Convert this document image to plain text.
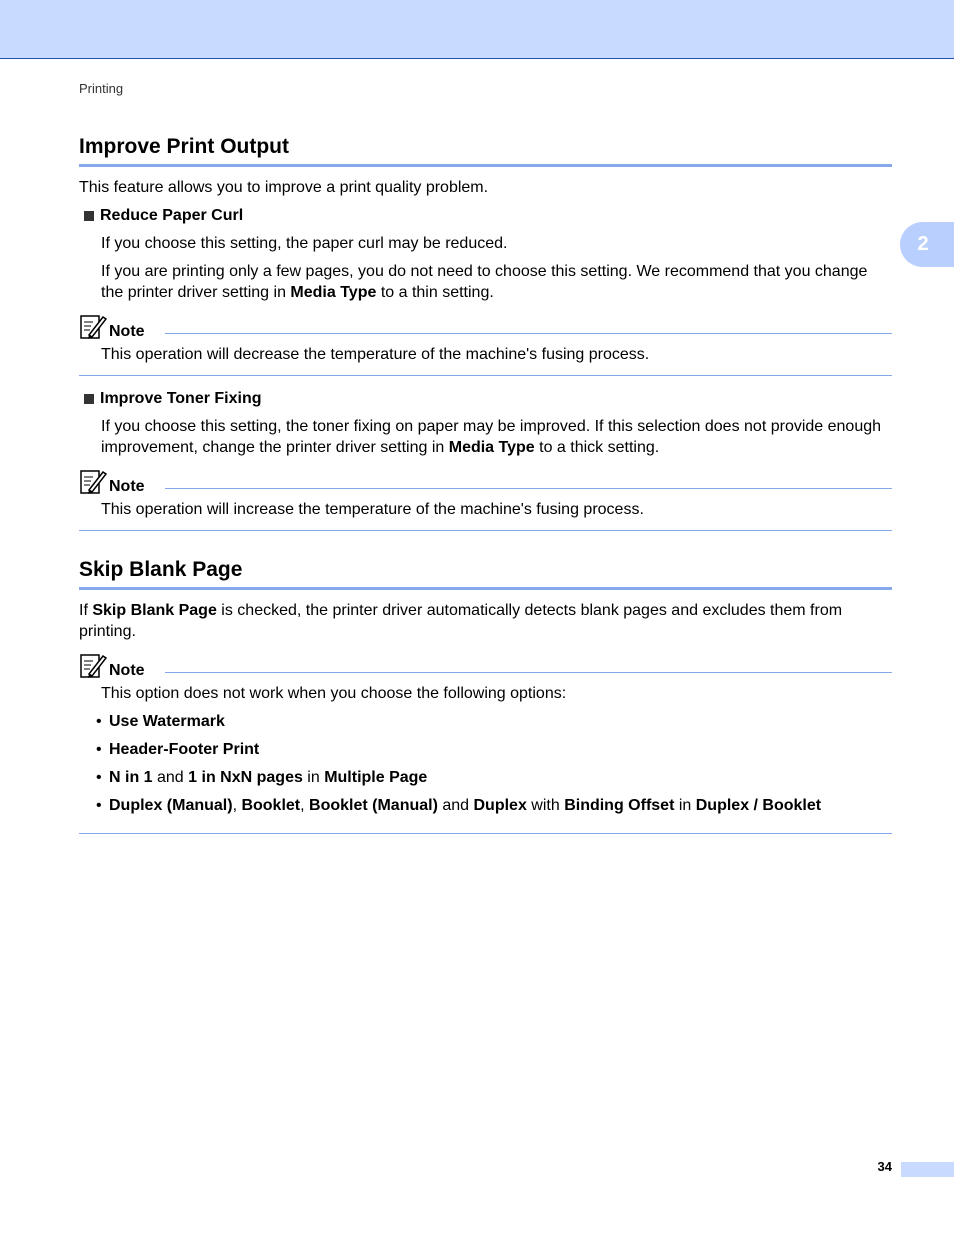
Printing
2
Improve Print Output

This feature allows you to improve a print quality problem.

Reduce Paper Curl

If you choose this setting, the paper curl may be reduced.

If you are printing only a few pages, you do not need to choose this setting. We recommend that you change the printer driver setting in Media Type to a thin setting.

Note

This operation will decrease the temperature of the machine's fusing process.

Improve Toner Fixing

If you choose this setting, the toner fixing on paper may be improved. If this selection does not provide enough improvement, change the printer driver setting in Media Type to a thick setting.

Note

This operation will increase the temperature of the machine's fusing process.

Skip Blank Page

If Skip Blank Page is checked, the printer driver automatically detects blank pages and excludes them from printing.

Note

This option does not work when you choose the following options:

• Use Watermark
• Header-Footer Print
• N in 1 and 1 in NxN pages in Multiple Page
• Duplex (Manual), Booklet, Booklet (Manual) and Duplex with Binding Offset in Duplex / Booklet
34
